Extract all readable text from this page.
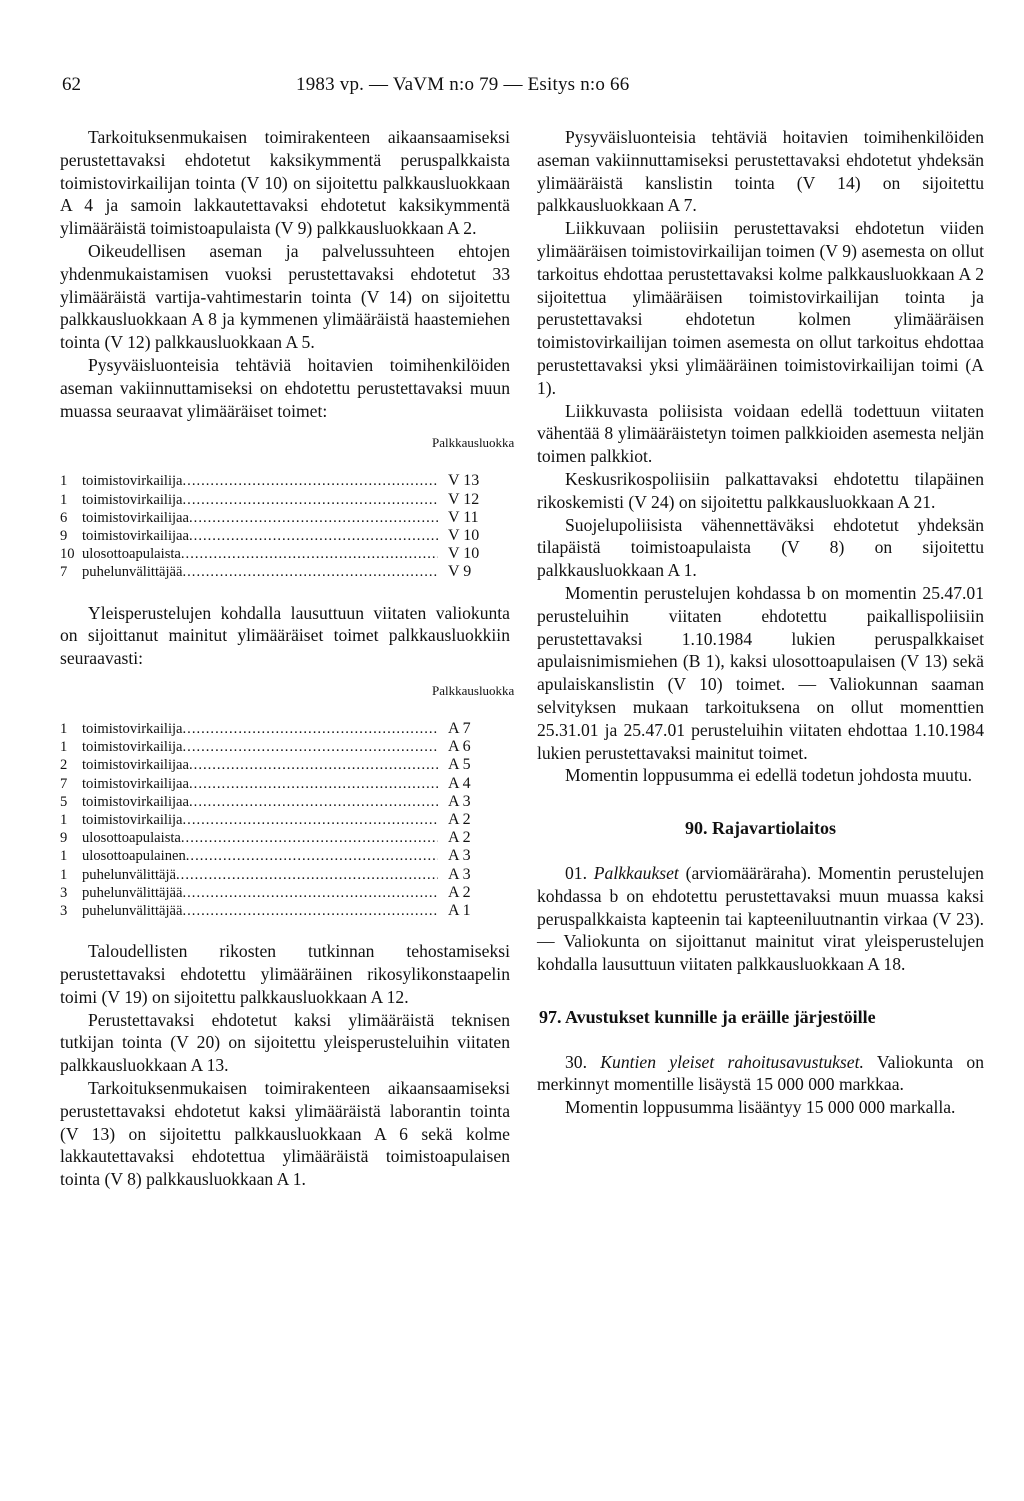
62	1983 vp. — VaVM n:o 79 — Esitys n:o 66

Tarkoituksenmukaisen toimirakenteen aikaansaamiseksi perustettavaksi ehdotetut kaksikymmentä peruspalkkaista toimistovirkailijan tointa (V 10) on sijoitettu palkkausluokkaan A 4 ja samoin lakkautettavaksi ehdotetut kaksikymmentä ylimääräistä toimistoapulaista (V 9) palkkausluokkaan A 2.

Oikeudellisen aseman ja palvelussuhteen ehtojen yhdenmukaistamisen vuoksi perustettavaksi ehdotetut 33 ylimääräistä vartija-vahtimestarin tointa (V 14) on sijoitettu palkkausluokkaan A 8 ja kymmenen ylimääräistä haastemiehen tointa (V 12) palkkausluokkaan A 5.

Pysyväisluonteisia tehtäviä hoitavien toimihenkilöiden aseman vakiinnuttamiseksi on ehdotettu perustettavaksi muun muassa seuraavat ylimääräiset toimet:

Palkkausluokka
1	toimistovirkailija .....	V 13
1	toimistovirkailija .....	V 12
6	toimistovirkailijaa .....	V 11
9	toimistovirkailijaa .....	V 10
10 ulosottoapulaista .....	V 10
7	puhelunvälittäjää .....	V 9

Yleisperustelujen kohdalla lausuttuun viitaten valiokunta on sijoittanut mainitut ylimääräiset toimet palkkausluokkiin seuraavasti:

Palkkausluokka
1	toimistovirkailija .....	A 7
1	toimistovirkailija .....	A 6
2	toimistovirkailijaa .....	A 5
7	toimistovirkailijaa .....	A 4
5	toimistovirkailijaa .....	A 3
1	toimistovirkailija .....	A 2
9	ulosottoapulaista .....	A 2
1	ulosottoapulainen .....	A 3
1	puhelunvälittäjä .....	A 3
3	puhelunvälittäjää .....	A 2
3	puhelunvälittäjää .....	A 1

Taloudellisten rikosten tutkinnan tehostamiseksi perustettavaksi ehdotettu ylimääräinen rikosylikonstaapelin toimi (V 19) on sijoitettu palkkausluokkaan A 12.

Perustettavaksi ehdotetut kaksi ylimääräistä teknisen tutkijan tointa (V 20) on sijoitettu yleisperusteluihin viitaten palkkausluokkaan A 13.

Tarkoituksenmukaisen toimirakenteen aikaansaamiseksi perustettavaksi ehdotetut kaksi ylimääräistä laborantin tointa (V 13) on sijoitettu palkkausluokkaan A 6 sekä kolme lakkautettavaksi ehdotettua ylimääräistä toimistoapulaisen tointa (V 8) palkkausluokkaan A 1.

Pysyväisluonteisia tehtäviä hoitavien toimihenkilöiden aseman vakiinnuttamiseksi perustettavaksi ehdotetut yhdeksän ylimääräistä kanslistin tointa (V 14) on sijoitettu palkkausluokkaan A 7.

Liikkuvaan poliisiin perustettavaksi ehdotetun viiden ylimääräisen toimistovirkailijan toimen (V 9) asemesta on ollut tarkoitus ehdottaa perustettavaksi kolme palkkausluokkaan A 2 sijoitettua ylimääräisen toimistovirkailijan tointa ja perustettavaksi ehdotetun kolmen ylimääräisen toimistovirkailijan toimen asemesta on ollut tarkoitus ehdottaa perustettavaksi yksi ylimääräinen toimistovirkailijan toimi (A 1).

Liikkuvasta poliisista voidaan edellä todettuun viitaten vähentää 8 ylimääräistetyn toimen palkkioiden asemesta neljän toimen palkkiot.

Keskusrikospoliisiin palkattavaksi ehdotettu tilapäinen rikoskemisti (V 24) on sijoitettu palkkausluokkaan A 21.

Suojelupoliisista vähennettäväksi ehdotetut yhdeksän tilapäistä toimistoapulaista (V 8) on sijoitettu palkkausluokkaan A 1.

Momentin perustelujen kohdassa b on momentin 25.47.01 perusteluihin viitaten ehdotettu paikallispoliisiin perustettavaksi 1.10.1984 lukien peruspalkkaiset apulaisnimismiehen (B 1), kaksi ulosottoapulaisen (V 13) sekä apulaiskanslistin (V 10) toimet. — Valiokunnan saaman selvityksen mukaan tarkoituksena on ollut momenttien 25.31.01 ja 25.47.01 perusteluihin viitaten ehdottaa 1.10.1984 lukien perustettavaksi mainitut toimet.

Momentin loppusumma ei edellä todetun johdosta muutu.

90. Rajavartiolaitos

01. Palkkaukset (arviomääräraha). Momentin perustelujen kohdassa b on ehdotettu perustettavaksi muun muassa kaksi peruspalkkaista kapteenin tai kapteeniluutnantin virkaa (V 23). — Valiokunta on sijoittanut mainitut virat yleisperustelujen kohdalla lausuttuun viitaten palkkausluokkaan A 18.

97. Avustukset kunnille ja eräille järjestöille

30. Kuntien yleiset rahoitusavustukset. Valiokunta on merkinnyt momentille lisäystä 15 000 000 markkaa.

Momentin loppusumma lisääntyy 15 000 000 markalla.
